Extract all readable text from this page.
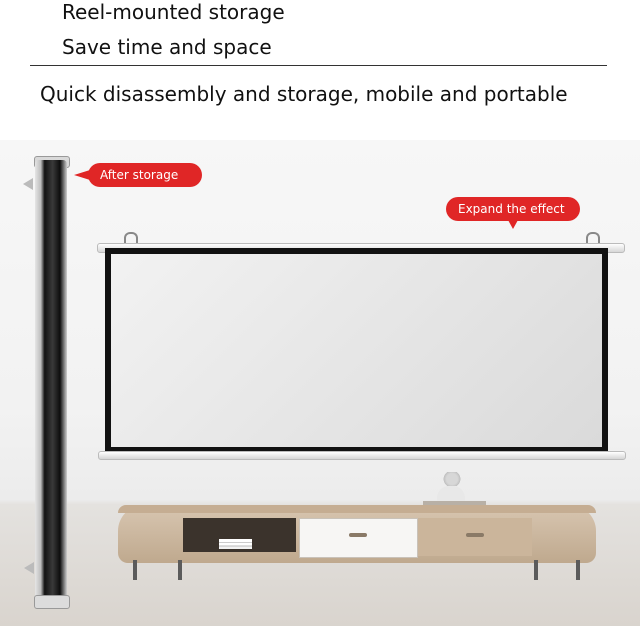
Reel-mounted storage
Save time and space
Quick disassembly and storage, mobile and portable
After storage
Expand the effect
